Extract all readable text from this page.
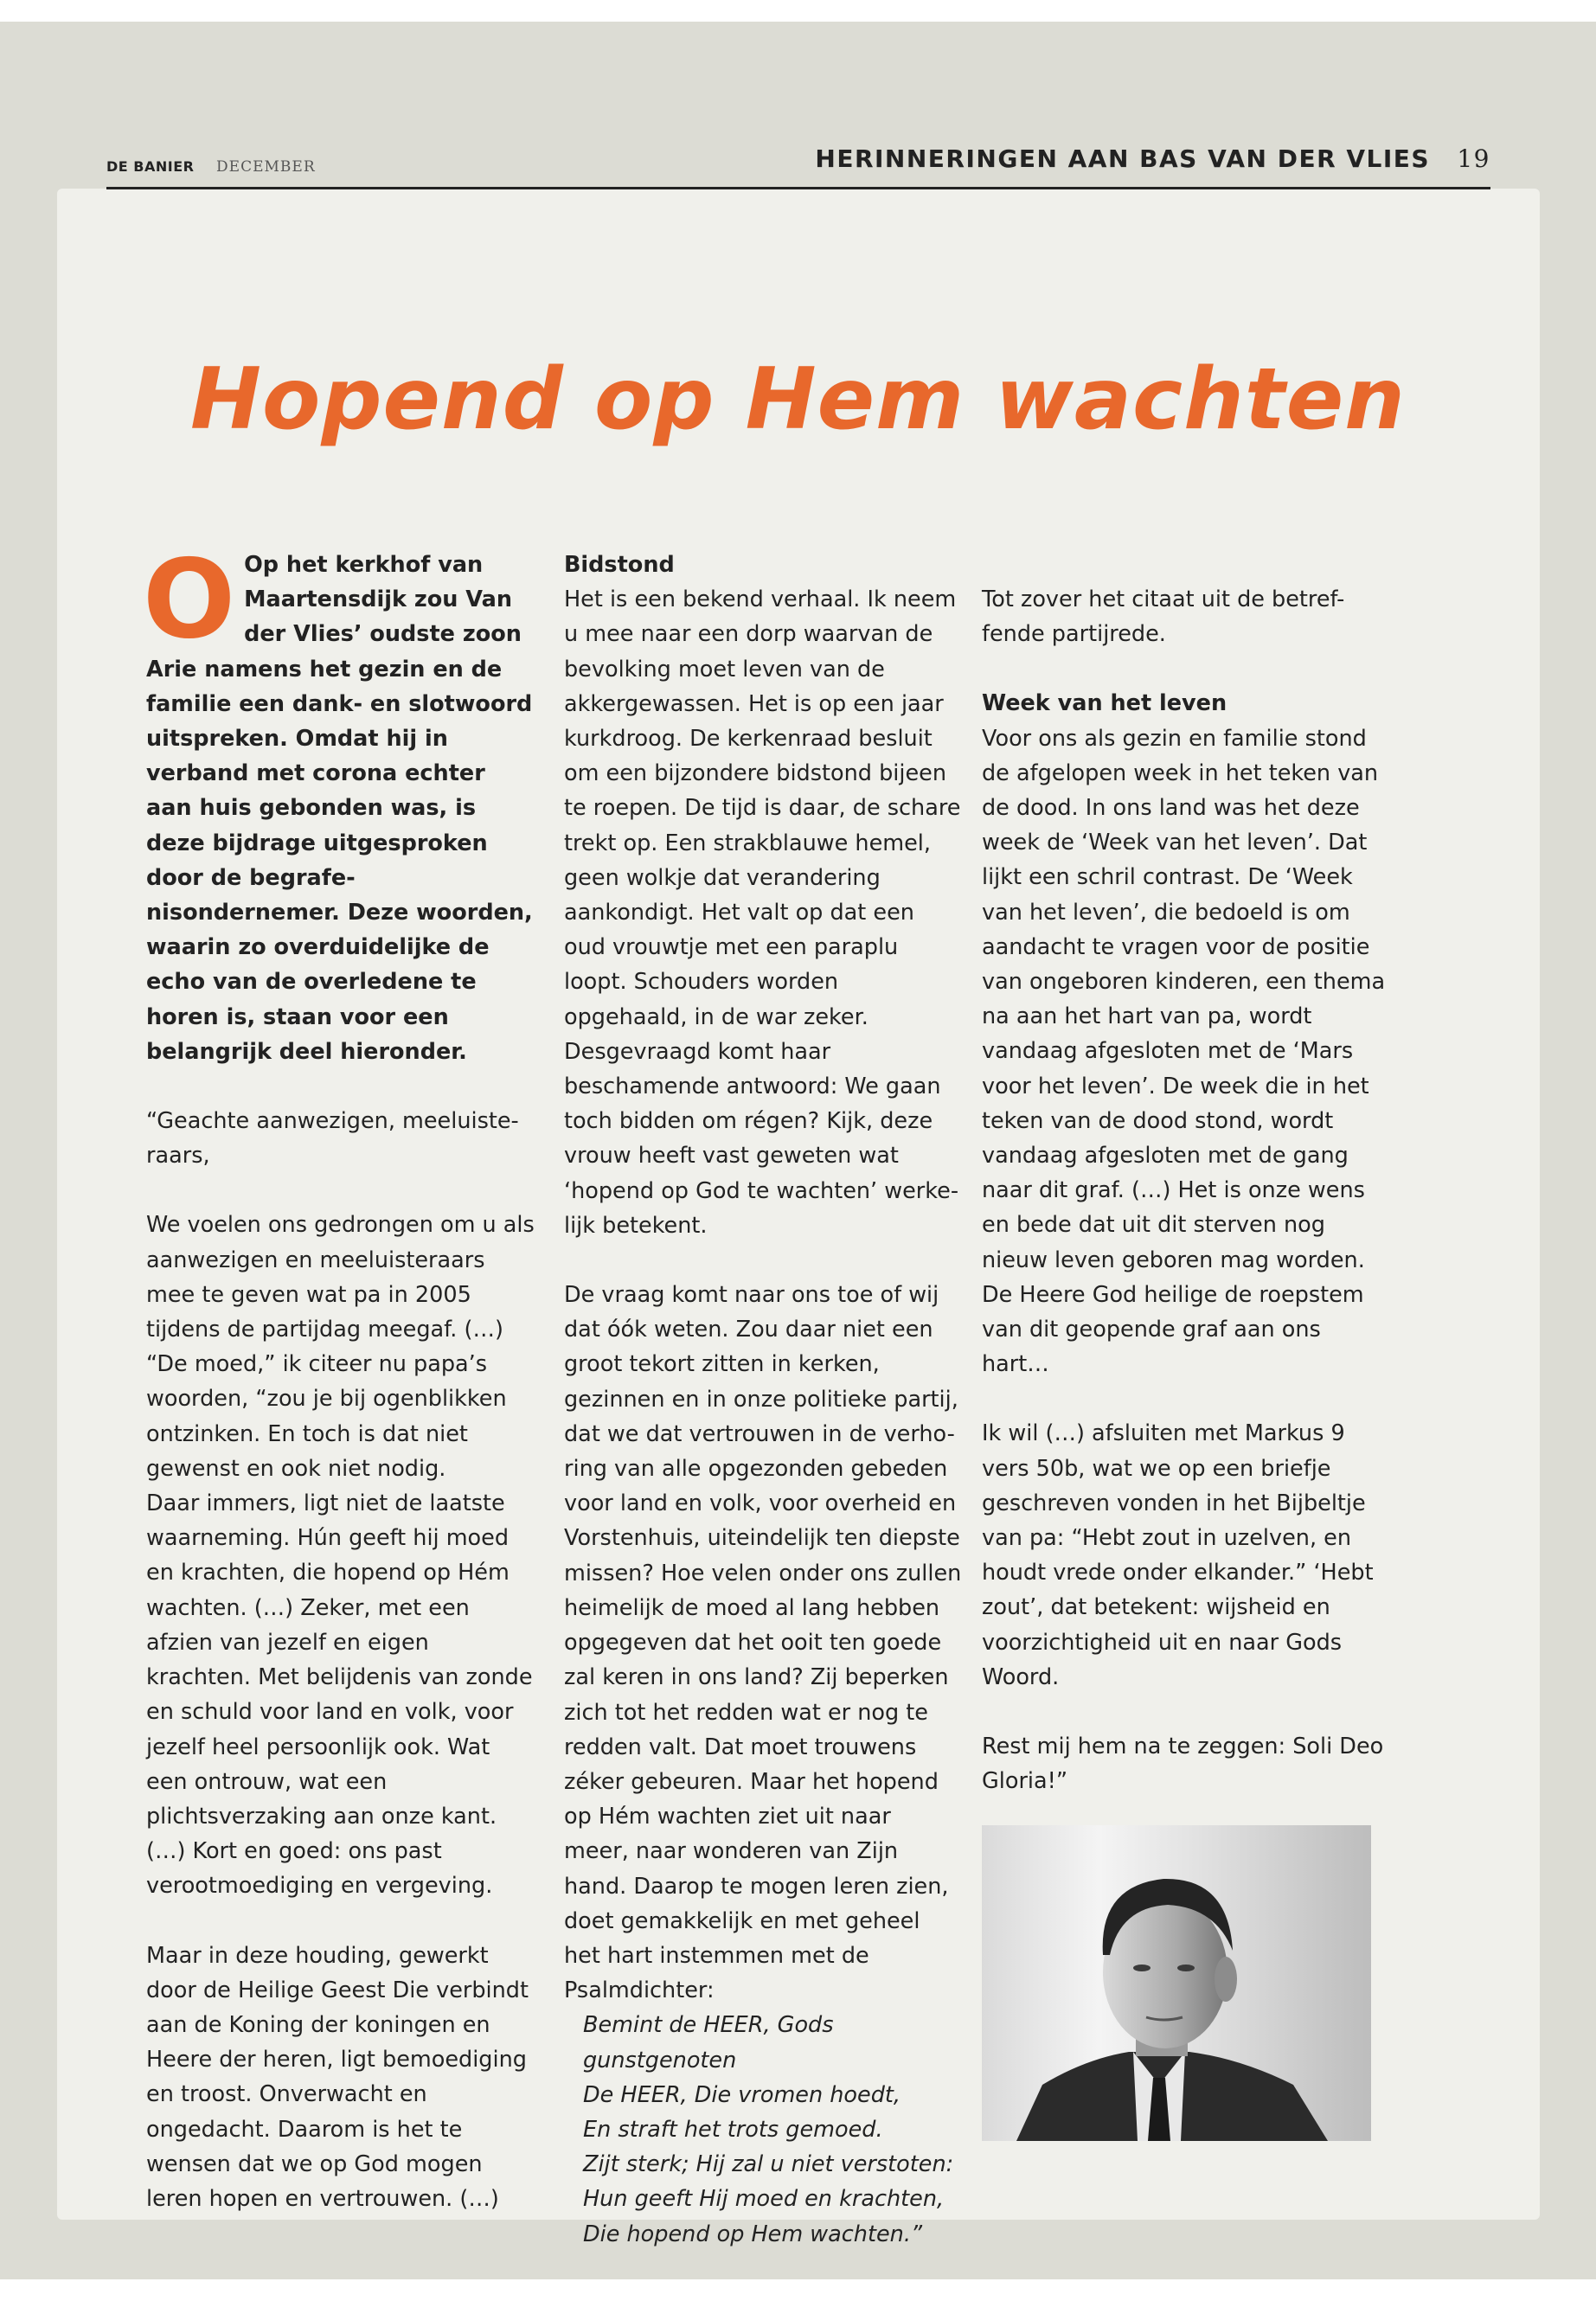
DE BANIER DECEMBER	HERINNERINGEN AAN BAS VAN DER VLIES 19
Hopend op Hem wachten

O Op het kerkhof van Maartensdijk zou Van der Vlies’ oudste zoon Arie namens het gezin en de familie een dank- en slotwoord uitspreken. Omdat hij in verband met corona echter aan huis gebonden was, is deze bijdrage uitgesproken door de begrafe-nisondernemer. Deze woorden, waarin zo overduidelijke de echo van de overledene te horen is, staan voor een belangrijk deel hieronder.

“Geachte aanwezigen, meeluiste-raars,

We voelen ons gedrongen om u als aanwezigen en meeluisteraars mee te geven wat pa in 2005 tijdens de partijdag meegaf. (…) “De moed,” ik citeer nu papa’s woorden, “zou je bij ogenblikken ontzinken. En toch is dat niet gewenst en ook niet nodig.

Daar immers, ligt niet de laatste waarneming. Hún geeft hij moed en krachten, die hopend op Hém wachten. (…) Zeker, met een afzien van jezelf en eigen krachten. Met belijdenis van zonde en schuld voor land en volk, voor jezelf heel persoonlijk ook. Wat een ontrouw, wat een plichtsverzaking aan onze kant. (…) Kort en goed: ons past verootmoediging en vergeving.

Maar in deze houding, gewerkt door de Heilige Geest Die verbindt aan de Koning der koningen en Heere der heren, ligt bemoediging en troost. Onverwacht en ongedacht. Daarom is het te wensen dat we op God mogen leren hopen en vertrouwen. (…)

Bidstond

Het is een bekend verhaal. Ik neem u mee naar een dorp waarvan de bevolking moet leven van de akkergewassen. Het is op een jaar kurkdroog. De kerkenraad besluit om een bijzondere bidstond bijeen te roepen. De tijd is daar, de schare trekt op. Een strakblauwe hemel, geen wolkje dat verandering aankondigt. Het valt op dat een oud vrouwtje met een paraplu loopt. Schouders worden opgehaald, in de war zeker. Desgevraagd komt haar beschamende antwoord: We gaan toch bidden om régen? Kijk, deze vrouw heeft vast geweten wat ‘hopend op God te wachten’ werke-lijk betekent.

De vraag komt naar ons toe of wij dat óók weten. Zou daar niet een groot tekort zitten in kerken, gezinnen en in onze politieke partij, dat we dat vertrouwen in de verho-ring van alle opgezonden gebeden voor land en volk, voor overheid en Vorstenhuis, uiteindelijk ten diepste missen? Hoe velen onder ons zullen heimelijk de moed al lang hebben opgegeven dat het ooit ten goede zal keren in ons land? Zij beperken zich tot het redden wat er nog te redden valt. Dat moet trouwens zéker gebeuren. Maar het hopend op Hém wachten ziet uit naar meer, naar wonderen van Zijn hand. Daarop te mogen leren zien, doet gemakkelijk en met geheel het hart instemmen met de Psalmdichter:

Bemint de HEER, Gods gunstgenoten

De HEER, Die vromen hoedt,

En straft het trots gemoed.

Zijt sterk; Hij zal u niet verstoten:

Hun geeft Hij moed en krachten,

Die hopend op Hem wachten.”

Tot zover het citaat uit de betref-fende partijrede.

Week van het leven

Voor ons als gezin en familie stond de afgelopen week in het teken van de dood. In ons land was het deze week de ‘Week van het leven’. Dat lijkt een schril contrast. De ‘Week van het leven’, die bedoeld is om aandacht te vragen voor de positie van ongeboren kinderen, een thema na aan het hart van pa, wordt vandaag afgesloten met de ‘Mars voor het leven’. De week die in het teken van de dood stond, wordt vandaag afgesloten met de gang naar dit graf. (…) Het is onze wens en bede dat uit dit sterven nog nieuw leven geboren mag worden. De Heere God heilige de roepstem van dit geopende graf aan ons hart…

Ik wil (…) afsluiten met Markus 9 vers 50b, wat we op een briefje geschreven vonden in het Bijbeltje van pa: “Hebt zout in uzelven, en houdt vrede onder elkander.” ‘Hebt zout’, dat betekent: wijsheid en voorzichtigheid uit en naar Gods Woord.

Rest mij hem na te zeggen: Soli Deo Gloria!”
